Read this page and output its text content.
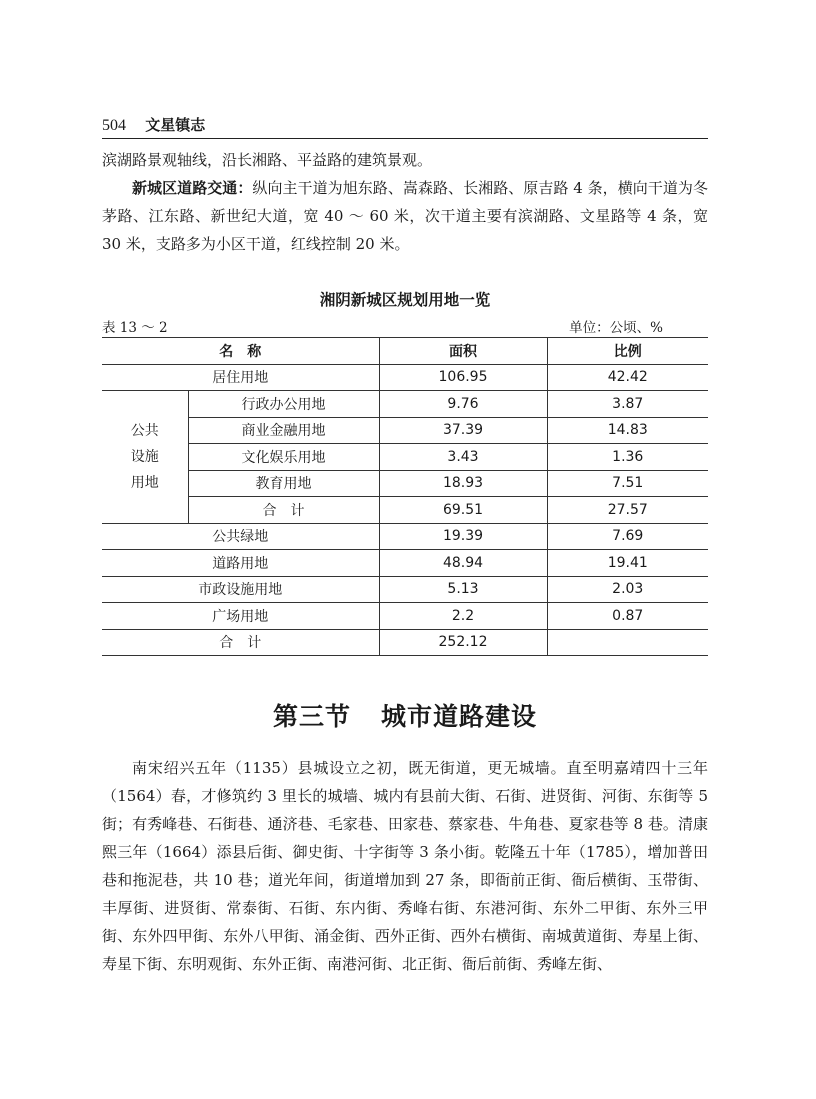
504 文星镇志
滨湖路景观轴线，沿长湘路、平益路的建筑景观。
新城区道路交通：纵向主干道为旭东路、嵩森路、长湘路、原吉路 4 条，横向干道为冬茅路、江东路、新世纪大道，宽 40 ～ 60 米，次干道主要有滨湖路、文星路等 4 条，宽 30 米，支路多为小区干道，红线控制 20 米。
湘阴新城区规划用地一览
表 13 ～ 2	单位：公顷、%
名　称		面积	比例
居住用地		106.95	42.42
公共
设施
用地	行政办公用地	9.76	3.87
	商业金融用地	37.39	14.83
	文化娱乐用地	3.43	1.36
	教育用地	18.93	7.51
	合　计	69.51	27.57
公共绿地		19.39	7.69
道路用地		48.94	19.41
市政设施用地		5.13	2.03
广场用地		2.2	0.87
合　计		252.12	
第三节 城市道路建设
南宋绍兴五年（1135）县城设立之初，既无街道，更无城墙。直至明嘉靖四十三年（1564）春，才修筑约 3 里长的城墙、城内有县前大街、石街、进贤街、河街、东街等 5 街；有秀峰巷、石街巷、通济巷、毛家巷、田家巷、蔡家巷、牛角巷、夏家巷等 8 巷。清康熙三年（1664）添县后街、御史街、十字街等 3 条小街。乾隆五十年（1785），增加普田巷和拖泥巷，共 10 巷；道光年间，街道增加到 27 条，即衙前正街、衙后横街、玉带街、丰厚街、进贤街、常泰街、石街、东内街、秀峰右街、东港河街、东外二甲街、东外三甲街、东外四甲街、东外八甲街、涌金街、西外正街、西外右横街、南城黄道街、寿星上街、寿星下街、东明观街、东外正街、南港河街、北正街、衙后前街、秀峰左街、
